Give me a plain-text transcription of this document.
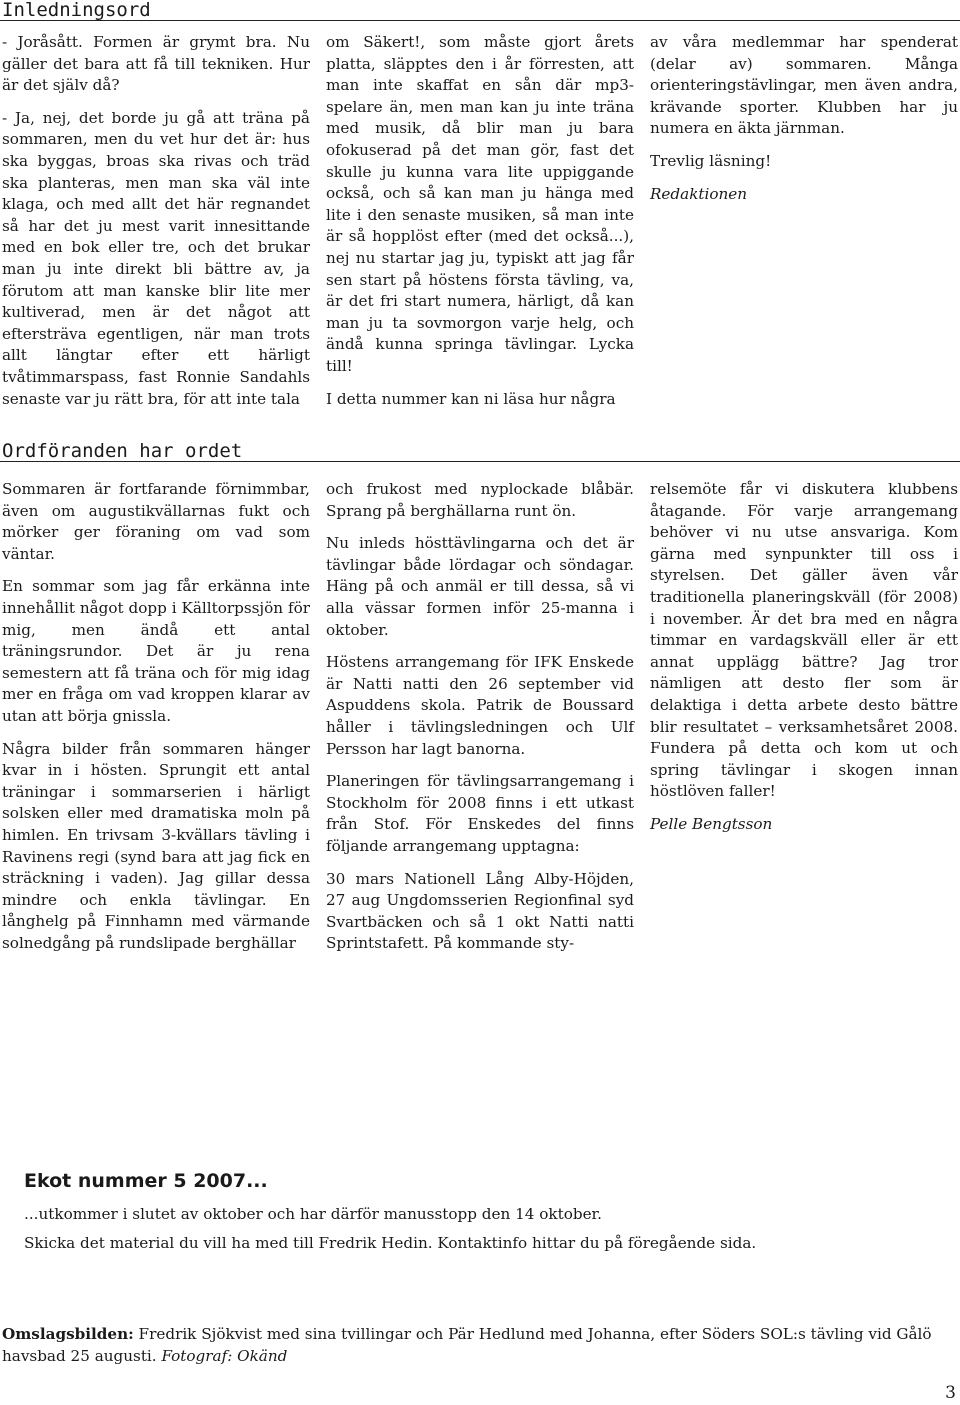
Inledningsord

- Joråsått. Formen är grymt bra. Nu gäller det bara att få till tekniken. Hur är det själv då?

- Ja, nej, det borde ju gå att träna på sommaren, men du vet hur det är: hus ska byggas, broas ska rivas och träd ska planteras, men man ska väl inte klaga, och med allt det här regnandet så har det ju mest varit innesittande med en bok eller tre, och det brukar man ju inte direkt bli bättre av, ja förutom att man kanske blir lite mer kultiverad, men är det något att eftersträva egentligen, när man trots allt längtar efter ett härligt tvåtimmarspass, fast Ronnie Sandahls senaste var ju rätt bra, för att inte tala

om Säkert!, som måste gjort årets platta, släpptes den i år förresten, att man inte skaffat en sån där mp3-spelare än, men man kan ju inte träna med musik, då blir man ju bara ofokuserad på det man gör, fast det skulle ju kunna vara lite uppiggande också, och så kan man ju hänga med lite i den senaste musiken, så man inte är så hopplöst efter (med det också...), nej nu startar jag ju, typiskt att jag får sen start på höstens första tävling, va, är det fri start numera, härligt, då kan man ju ta sovmorgon varje helg, och ändå kunna springa tävlingar. Lycka till!

I detta nummer kan ni läsa hur några

av våra medlemmar har spenderat (delar av) sommaren. Många orienteringstävlingar, men även andra, krävande sporter. Klubben har ju numera en äkta järnman.

Trevlig läsning!

Redaktionen

Ordföranden har ordet

Sommaren är fortfarande förnimmbar, även om augustikvällarnas fukt och mörker ger föraning om vad som väntar.

En sommar som jag får erkänna inte innehållit något dopp i Källtorpssjön för mig, men ändå ett antal träningsrundor. Det är ju rena semestern att få träna och för mig idag mer en fråga om vad kroppen klarar av utan att börja gnissla.

Några bilder från sommaren hänger kvar in i hösten. Sprungit ett antal träningar i sommarserien i härligt solsken eller med dramatiska moln på himlen. En trivsam 3-kvällars tävling i Ravinens regi (synd bara att jag fick en sträckning i vaden). Jag gillar dessa mindre och enkla tävlingar. En långhelg på Finnhamn med värmande solnedgång på rundslipade berghällar

och frukost med nyplockade blåbär. Sprang på berghällarna runt ön.

Nu inleds hösttävlingarna och det är tävlingar både lördagar och söndagar. Häng på och anmäl er till dessa, så vi alla vässar formen inför 25-manna i oktober.

Höstens arrangemang för IFK Enskede är Natti natti den 26 september vid Aspuddens skola. Patrik de Boussard håller i tävlingsledningen och Ulf Persson har lagt banorna.

Planeringen för tävlingsarrangemang i Stockholm för 2008 finns i ett utkast från Stof. För Enskedes del finns följande arrangemang upptagna:

30 mars Nationell Lång Alby-Höjden, 27 aug Ungdomsserien Regionfinal syd Svartbäcken och så 1 okt Natti natti Sprintstafett. På kommande sty-

relsemöte får vi diskutera klubbens åtagande. För varje arrangemang behöver vi nu utse ansvariga. Kom gärna med synpunkter till oss i styrelsen. Det gäller även vår traditionella planeringskväll (för 2008) i november. Är det bra med en några timmar en vardagskväll eller är ett annat upplägg bättre? Jag tror nämligen att desto fler som är delaktiga i detta arbete desto bättre blir resultatet – verksamhetsåret 2008. Fundera på detta och kom ut och spring tävlingar i skogen innan höstlöven faller!

Pelle Bengtsson

Ekot nummer 5 2007...

...utkommer i slutet av oktober och har därför manusstopp den 14 oktober.

Skicka det material du vill ha med till Fredrik Hedin. Kontaktinfo hittar du på föregående sida.

Omslagsbilden: Fredrik Sjökvist med sina tvillingar och Pär Hedlund med Johanna, efter Söders SOL:s tävling vid Gålö havsbad 25 augusti. Fotograf: Okänd
3
